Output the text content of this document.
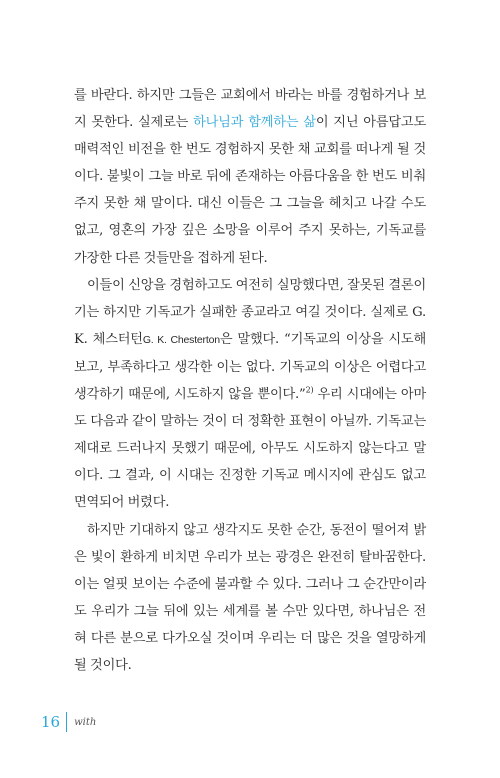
를 바란다. 하지만 그들은 교회에서 바라는 바를 경험하거나 보지 못한다. 실제로는 하나님과 함께하는 삶이 지닌 아름답고도 매력적인 비전을 한 번도 경험하지 못한 채 교회를 떠나게 될 것이다. 불빛이 그늘 바로 뒤에 존재하는 아름다움을 한 번도 비춰 주지 못한 채 말이다. 대신 이들은 그 그늘을 헤치고 나갈 수도 없고, 영혼의 가장 깊은 소망을 이루어 주지 못하는, 기독교를 가장한 다른 것들만을 접하게 된다.

이들이 신앙을 경험하고도 여전히 실망했다면, 잘못된 결론이기는 하지만 기독교가 실패한 종교라고 여길 것이다. 실제로 G. K. 체스터턴G. K. Chesterton은 말했다. “기독교의 이상을 시도해 보고, 부족하다고 생각한 이는 없다. 기독교의 이상은 어렵다고 생각하기 때문에, 시도하지 않을 뿐이다.”$^{2)}$ 우리 시대에는 아마도 다음과 같이 말하는 것이 더 정확한 표현이 아닐까. 기독교는 제대로 드러나지 못했기 때문에, 아무도 시도하지 않는다고 말이다. 그 결과, 이 시대는 진정한 기독교 메시지에 관심도 없고 면역되어 버렸다.

하지만 기대하지 않고 생각지도 못한 순간, 동전이 떨어져 밝은 빛이 환하게 비치면 우리가 보는 광경은 완전히 탈바꿈한다. 이는 얼핏 보이는 수준에 불과할 수 있다. 그러나 그 순간만이라도 우리가 그늘 뒤에 있는 세계를 볼 수만 있다면, 하나님은 전혀 다른 분으로 다가오실 것이며 우리는 더 많은 것을 열망하게 될 것이다.

16 with
